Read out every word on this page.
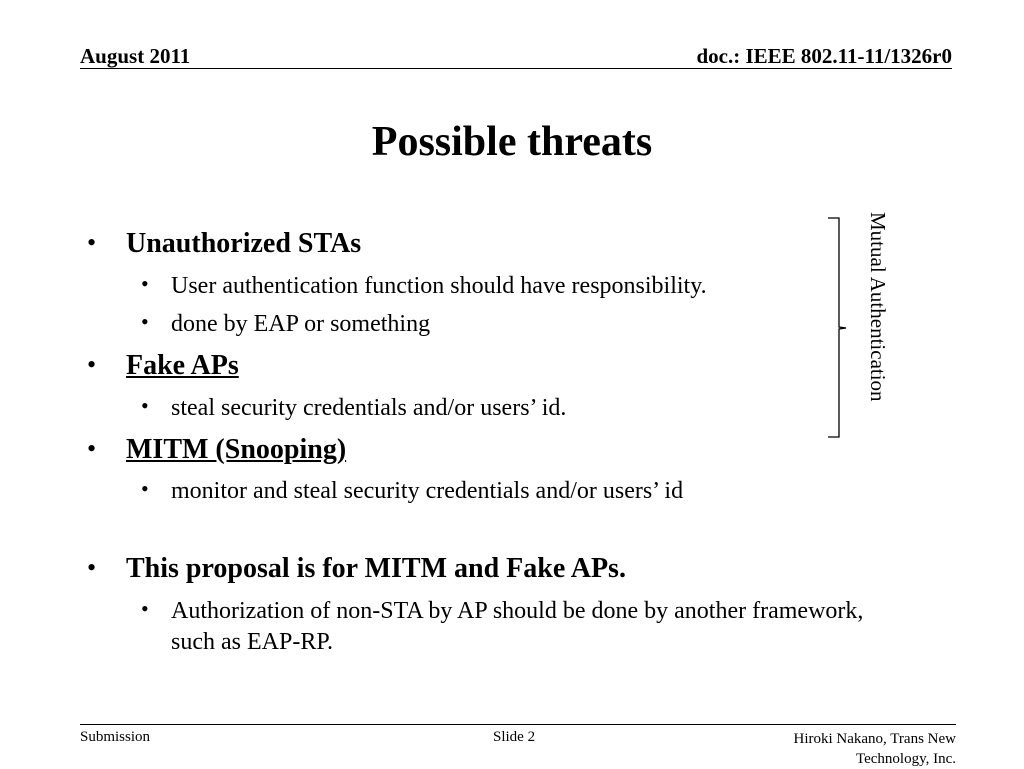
August 2011	doc.: IEEE 802.11-11/1326r0
Possible threats
• Unauthorized STAs
• User authentication function should have responsibility.
• done by EAP or something
• Fake APs
• steal security credentials and/or users’ id.
• MITM (Snooping)
• monitor and steal security credentials and/or users’ id
• This proposal is for MITM and Fake APs.
• Authorization of non-STA by AP should be done by another framework, such as EAP-RP.
Mutual Authentication
Submission	Slide 2	Hiroki Nakano, Trans New Technology, Inc.
